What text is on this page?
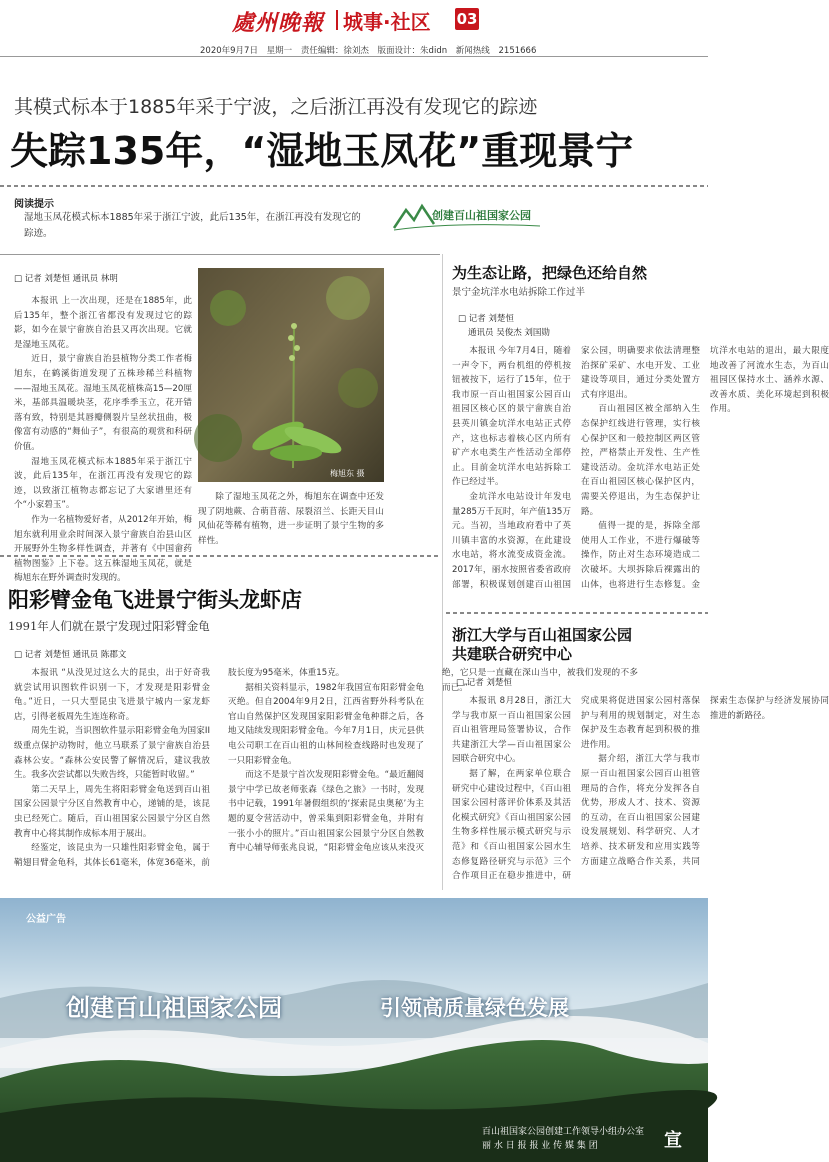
處州晚報 城事·社区 03
2020年9月7日 星期一 责任编辑：徐刘杰 版面设计：朱didn 新闻热线 2151666
其模式标本于1885年采于宁波，之后浙江再没有发现它的踪迹
失踪135年，“湿地玉凤花”重现景宁
阅读提示
湿地玉凤花模式标本1885年采于浙江宁波，此后135年，在浙江再没有发现它的踪迹。
创建百山祖国家公园
□ 记者 刘楚恒 通讯员 林明

本报讯 上一次出现，还是在1885年，此后135年，整个浙江省都没有发现过它的踪影，如今在景宁畲族自治县又再次出现。它就是湿地玉凤花。

近日，景宁畲族自治县植物分类工作者梅旭东，在鹤溪街道发现了五株珍稀兰科植物——湿地玉凤花。湿地玉凤花植株高15—20厘米，基部具温暖块茎，花序季季玉立，花开错落有致，特别是其唇瓣侧裂片呈丝状扭曲，极像富有动感的“舞仙子”，有很高的观赏和科研价值。

湿地玉凤花模式标本1885年采于浙江宁波，此后135年，在浙江再没有发现它的踪迹，以致浙江植物志都忘记了大家谱里还有个“小家碧玉”。

作为一名植物爱好者，从2012年开始，梅旭东就利用业余时间深入景宁畲族自治县山区开展野外生物多样性调查，并著有《中国畲药植物图鉴》上下卷。这五株湿地玉凤花，就是梅旭东在野外调查时发现的。

梅旭东 摄

除了湿地玉凤花之外，梅旭东在调查中还发现了阴地蕨、合萌苜蓿、尿裂沼兰、长距天目山风仙花等稀有植物，进一步证明了景宁生物的多样性。

阳彩臂金龟飞进景宁街头龙虾店
1991年人们就在景宁发现过阳彩臂金龟
□ 记者 刘楚恒 通讯员 陈郡文

本报讯 “从没见过这么大的昆虫，出于好奇我就尝试用识图软件识别一下，才发现是阳彩臂金龟。”近日，一只大型昆虫飞进景宁城内一家龙虾店，引得老板周先生连连称奇。

周先生说，当识图软件显示阳彩臂金龟为国家II级重点保护动物时，他立马联系了景宁畲族自治县森林公安。“森林公安民警了解情况后，建议我放生。我多次尝试都以失败告终，只能暂时收留。”

第二天早上，周先生将阳彩臂金龟送到百山祖国家公园景宁分区自然教育中心，递铺的是，该昆虫已经死亡。随后，百山祖国家公园景宁分区自然教育中心将其制作成标本用于展出。

经鉴定，该昆虫为一只雄性阳彩臂金龟，属于鞘翅目臂金龟科，其体长61毫米，体宽36毫米，前肢长度为95毫米，体重15克。

据相关资料显示，1982年我国宣布阳彩臂金龟灭绝。但自2004年9月2日，江西省野外科考队在官山自然保护区发现国家阳彩臂金龟种群之后，各地又陆续发现阳彩臂金龟。今年7月1日，庆元县供电公司职工在百山祖的山林间检查线路时也发现了一只阳彩臂金龟。

而这不是景宁首次发现阳彩臂金龟。“最近翻阅景宁中学已故老师张森《绿色之旅》一书时，发现书中记载，1991年暑假组织的‘探索昆虫奥秘’为主题的夏令营活动中，曾采集到阳彩臂金龟，并附有一张小小的照片。”百山祖国家公园景宁分区自然教育中心辅导师张兆良说，“阳彩臂金龟应该从来没灭绝，它只是一直藏在深山当中，被我们发现的不多而已。”

为生态让路，把绿色还给自然
景宁金坑洋水电站拆除工作过半
□ 记者 刘楚恒
通讯员 吴俊杰 刘国勋

本报讯 今年7月4日，随着一声令下，两台机组的停机按钮被按下，运行了15年，位于我市原一百山祖国家公园百山祖园区核心区的景宁畲族自治县英川镇金坑洋水电站正式停产，这也标志着核心区内所有矿产水电类生产性活动全部停止。目前金坑洋水电站拆除工作已经过半。

金坑洋水电站设计年发电量285万千瓦时，年产值135万元。当初，当地政府看中了英川镇丰富的水资源，在此建设水电站，将水流变成资金流。2017年，丽水按照省委省政府部署，积极谋划创建百山祖国家公园，明确要求依法清理整治探矿采矿、水电开发、工业建设等项目，通过分类处置方式有序退出。

百山祖园区被全部纳入生态保护红线进行管理，实行核心保护区和一般控制区两区管控，严格禁止开发性、生产性建设活动。金坑洋水电站正处在百山祖园区核心保护区内，需要关停退出，为生态保护让路。

值得一提的是，拆除全部使用人工作业，不进行爆破等操作，防止对生态环境造成二次破坏。大坝拆除后裸露出的山体，也将进行生态修复。金坑洋水电站的退出，最大限度地改善了河流水生态，为百山祖园区保持水土、涵养水源、改善水质、美化环境起到积极作用。

浙江大学与百山祖国家公园
共建联合研究中心
□ 记者 刘楚恒

本报讯 8月28日，浙江大学与我市原一百山祖国家公园百山祖管理局签署协议，合作共建浙江大学—百山祖国家公园联合研究中心。

据了解，在两家单位联合研究中心建设过程中，《百山祖国家公园村落评价体系及其活化模式研究》《百山祖国家公园生物多样性展示模式研究与示范》和《百山祖国家公园水生态修复路径研究与示范》三个合作项目正在稳步推进中，研究成果将促进国家公园村落保护与利用的规划制定，对生态保护及生态教育起到积极的推进作用。

据介绍，浙江大学与我市原一百山祖国家公园百山祖管理局的合作，将充分发挥各自优势，形成人才、技术、资源的互动，在百山祖国家公园建设发展规划、科学研究、人才培养、技术研发和应用实践等方面建立战略合作关系，共同探索生态保护与经济发展协同推进的新路径。

公益广告
创建百山祖国家公园	引领高质量绿色发展
百山祖国家公园创建工作领导小组办公室
丽 水 日 报 报 业 传 媒 集 团	宣
